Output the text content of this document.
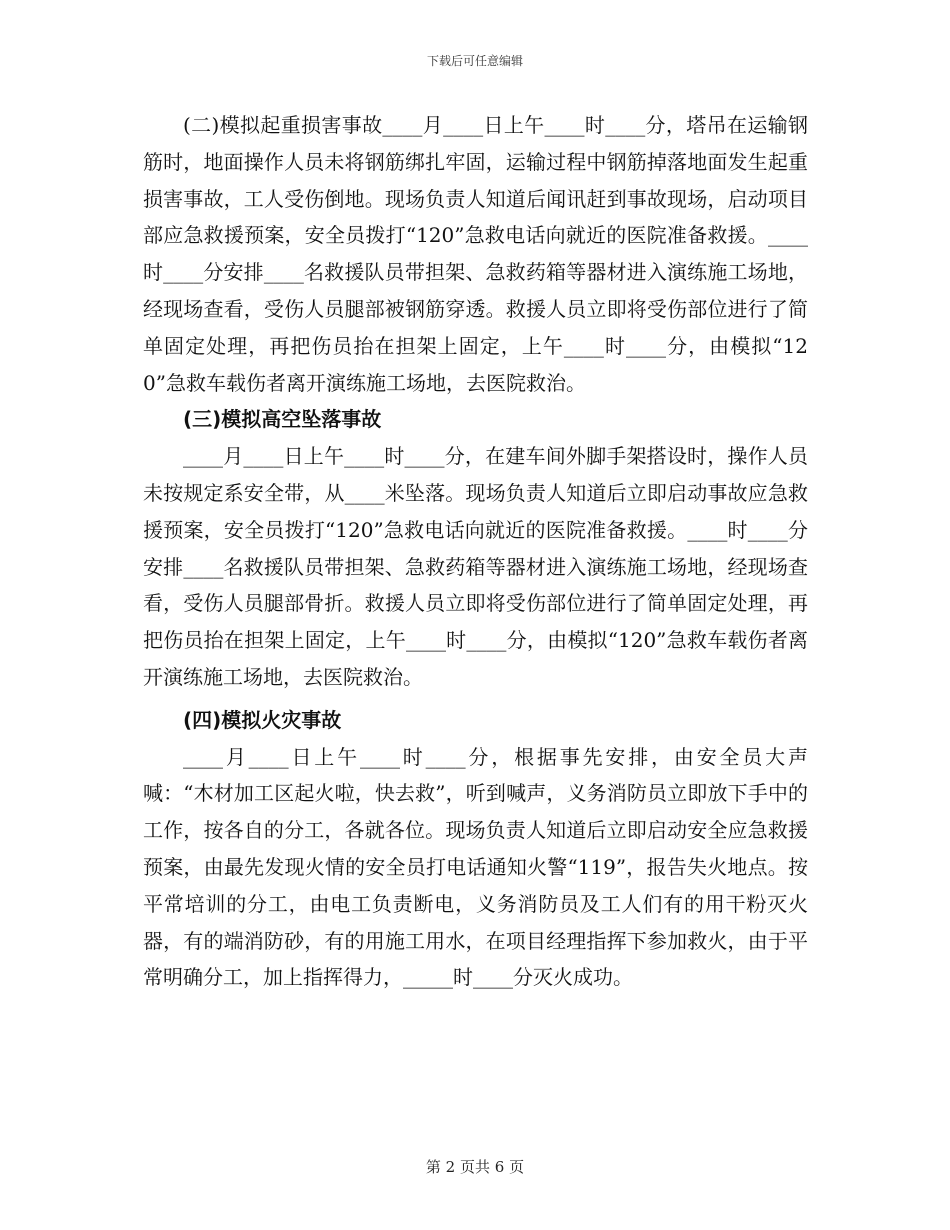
下载后可任意编辑

(二)模拟起重损害事故____月____日上午____时____分，塔吊在运输钢筋时，地面操作人员未将钢筋绑扎牢固，运输过程中钢筋掉落地面发生起重损害事故，工人受伤倒地。现场负责人知道后闻讯赶到事故现场，启动项目部应急救援预案，安全员拨打“120”急救电话向就近的医院准备救援。____时____分安排____名救援队员带担架、急救药箱等器材进入演练施工场地，经现场查看，受伤人员腿部被钢筋穿透。救援人员立即将受伤部位进行了简单固定处理，再把伤员抬在担架上固定，上午____时____分，由模拟“120”急救车载伤者离开演练施工场地，去医院救治。

(三)模拟高空坠落事故

____月____日上午____时____分，在建车间外脚手架搭设时，操作人员未按规定系安全带，从____米坠落。现场负责人知道后立即启动事故应急救援预案，安全员拨打“120”急救电话向就近的医院准备救援。____时____分安排____名救援队员带担架、急救药箱等器材进入演练施工场地，经现场查看，受伤人员腿部骨折。救援人员立即将受伤部位进行了简单固定处理，再把伤员抬在担架上固定，上午____时____分，由模拟“120”急救车载伤者离开演练施工场地，去医院救治。

(四)模拟火灾事故

____月____日上午____时____分，根据事先安排，由安全员大声喊：“木材加工区起火啦，快去救”，听到喊声，义务消防员立即放下手中的工作，按各自的分工，各就各位。现场负责人知道后立即启动安全应急救援预案，由最先发现火情的安全员打电话通知火警“119”，报告失火地点。按平常培训的分工，由电工负责断电，义务消防员及工人们有的用干粉灭火器，有的端消防砂，有的用施工用水，在项目经理指挥下参加救火，由于平常明确分工，加上指挥得力，_____时____分灭火成功。

第 2 页共 6 页
